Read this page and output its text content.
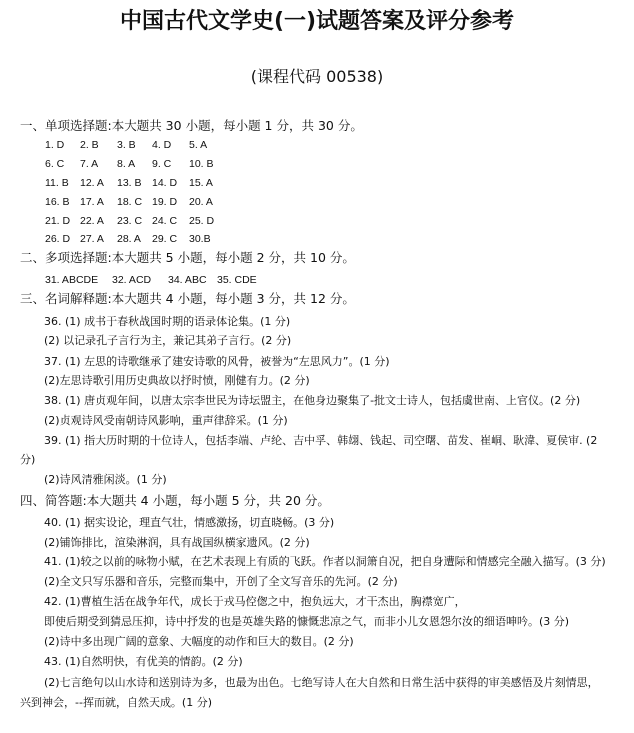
中国古代文学史(一)试题答案及评分参考
(课程代码 00538)
一、单项选择题:本大题共 30 小题，每小题 1 分，共 30 分。
1. D 2. B 3. B 4. D 5. A
6. C 7. A 8. A 9. C 10. B
11. B 12. A 13. B 14. D 15. A
16. B 17. A 18. C 19. D 20. A
21. D 22. A 23. C 24. C 25. D
26. D 27. A 28. A 29. C 30.B
二、多项选择题:本大题共 5 小题，每小题 2 分，共 10 分。
31. ABCDE 32. ACD 34. ABC 35. CDE
三、名词解释题:本大题共 4 小题，每小题 3 分，共 12 分。
36. (1) 成书于春秋战国时期的语录体论集。(1 分)
(2) 以记录孔子言行为主，兼记其弟子言行。(2 分)
37. (1) 左思的诗歌继承了建安诗歌的风骨，被誉为“左思风力”。(1 分)
(2)左思诗歌引用历史典故以抒时愤，刚健有力。(2 分)
38. (1) 唐贞观年间，以唐太宗李世民为诗坛盟主，在他身边聚集了-批文士诗人，包括虞世南、上官仪。(2 分)
(2)贞观诗风受南朝诗风影响，重声律辞采。(1 分)
39. (1) 指大历时期的十位诗人，包括李端、卢纶、吉中孚、韩翃、钱起、司空曙、苗发、崔峒、耿湋、夏侯审. (2
分)
(2)诗风清雅闲淡。(1 分)
四、简答题:本大题共 4 小题，每小题 5 分，共 20 分。
40. (1) 据实设论，理直气壮，情感激扬，切直晓畅。(3 分)
(2)铺饰排比，渲染淋润，具有战国纵横家遗风。(2 分)
41. (1)较之以前的咏物小赋，在艺术表现上有质的飞跃。作者以洞箫自况，把自身遭际和情感完全融入描写。(3 分)
(2)全文只写乐器和音乐，完整而集中，开创了全文写音乐的先河。(2 分)
42. (1)曹植生活在战争年代，成长于戎马倥偬之中，抱负远大，才干杰出，胸襟宽广，
即使后期受到猜忌压抑，诗中抒发的也是英雄失路的慷慨悲凉之气，而非小儿女恩怨尔汝的细语呻吟。(3 分)
(2)诗中多出现广阔的意象、大幅度的动作和巨大的数目。(2 分)
43. (1)自然明快，有优美的情韵。(2 分)
(2)七言绝句以山水诗和送别诗为多，也最为出色。七绝写诗人在大自然和日常生活中获得的审美感悟及片刻情思，
兴到神会，--挥而就，自然天成。(1 分)
